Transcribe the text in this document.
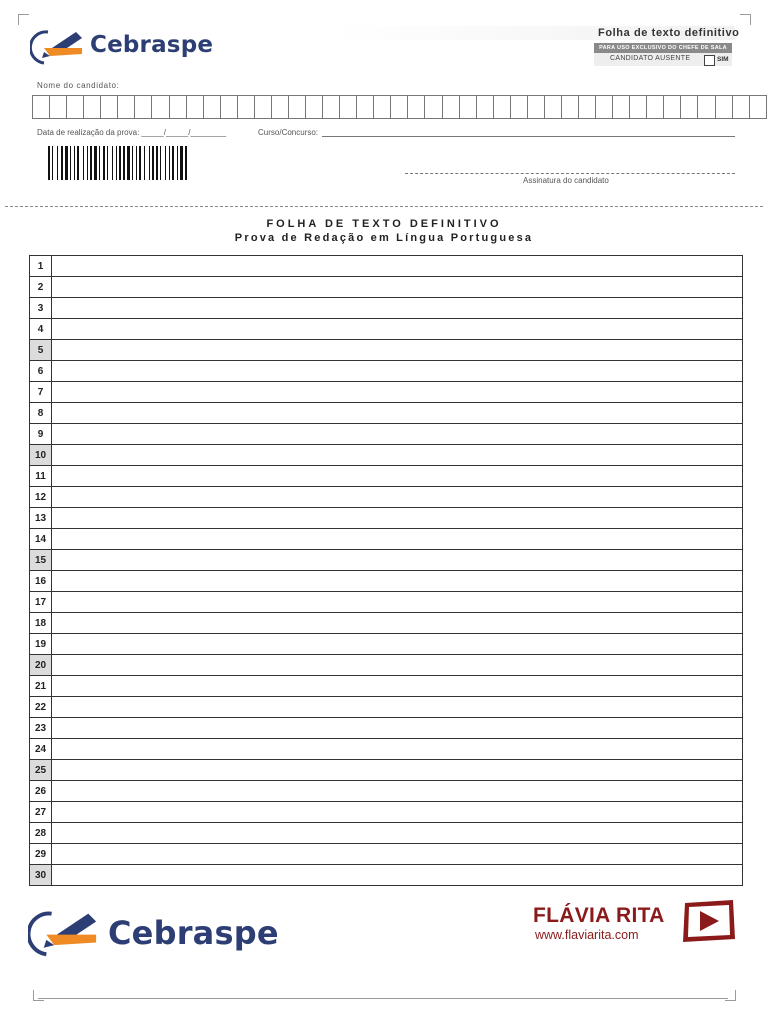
Cebraspe	Folha de texto definitivo
PARA USO EXCLUSIVO DO CHEFE DE SALA
CANDIDATO AUSENTE	SIM
Nome do candidato:
Data de realização da prova: _____/_____/________	Curso/Concurso:
Assinatura do candidato
FOLHA DE TEXTO DEFINITIVO
Prova de Redação em Língua Portuguesa
1
2
3
4
5
6
7
8
9
10
11
12
13
14
15
16
17
18
19
20
21
22
23
24
25
26
27
28
29
30
Cebraspe	FLÁVIA RITA
www.flaviarita.com
